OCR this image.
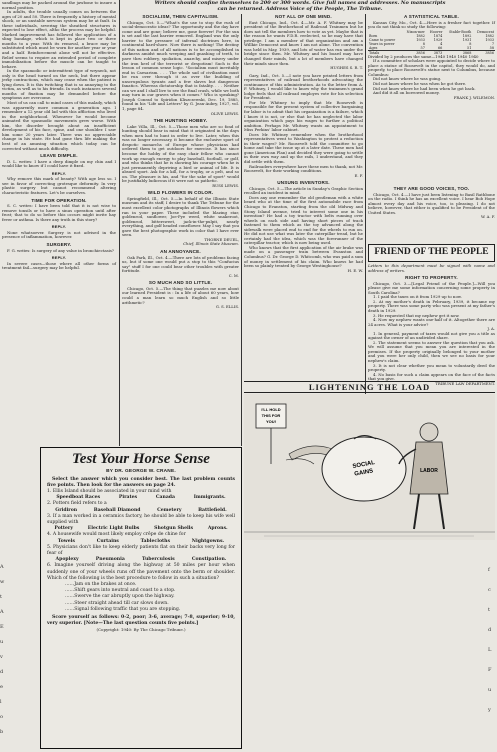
Writers should confine themselves to 200 or 300 words. Give full names and addresses. No manuscripts can be returned. Address Voice of the People, The Tribune.

sandbags may be packed around the jawbone to insure a normal position.

In adults, the trouble usually comes on between the ages of 20 and 50. There is frequently a history of mental shock, or an unstable nervous system may be at fault. In these individuals, severing the sheathed structures is expected to lose effect, altho the process may be helpful. Marked improvement has followed the application of a sling bandage, which is kept in place two or three months to a year. With its removal, a brace may be substituted which must be worn for another year or year and a half. Reinforcement alone will not be effective. Relief seems to require an extended period of complete immobilization before the muscle can be taught to behave.

In the spasmodic or intermittent type of wryneck, not only is the head turned on the neck, but there appear jerky contractions, which may cease when the patient is lying down. It is this twitching that is so annoying to the victim, as well as to his friends. In such instances several months of fixation may be demanded before the symptoms are overcome.

Most of us can call to mind cases of this malady, which was apparently more common a generation ago. I remember a 12 year old lad with this affliction who lived in the neighborhood. Whenever he would become animated the spasmodic movements grew worse. With him, the disorder brought about an insufficient development of his face, spine, and one shoulder. I saw him some 20 years later. There was no appreciable change in his state. He had gone thru life making the best of an amusing situation which today can be corrected without much difficulty.

LEAVE DIMPLE.

D. L. writes: I have a deep dimple on my chin and I would like to know if I could have it fixed.

REPLY.

Why remove this mark of beauty? With age less so. I see in favor of correcting grotesque deformity. In very plastic surgery but cannot recommend altering characteristic features. Let's be ourselves.

TIME FOR OPERATION.

S. C. writes: I have been told that it is not wise to remove tonsils or to have a sinus operation until after frost; that to do so before this occurs might invite hay fever or asthma. Is there any truth in this story?

REPLY.

None whatsoever. Surgery is not advised in the presence of inflammation, however.

SURGERY.

F. G. writes: Is surgery of any value in bronchiectasis?

REPLY.

In severe cases—those where all other forms of treatment fail—surgery may be helpful.

SOCIALISM, THEN CAPITALISM.

Chicago, Oct. 5.—"What's the use to stop the rush of social-democratic ideas? The opportunity and the day have come and are gone; believe me, gone forever! For the sun is set and the last barrier removed. England was the only barrier to the pressure of infernal doctrines here, in continental hard-shore. Now there is nothing! The destiny of this nation and of all nations is to be accomplished in darkness amidst much weeping and gnashing of teeth, to pave thru robbery, spoliation, anarchy, and misery under the iron heel of the terrorist or despotism! Such is the lesson of common sense logic. "Socialism must inevitably end in Caesarism. . . . The whole sad of civilization must be run over through it as over the building of unscrupulous tyrants and a few slaves but dangerous fanatics. Whereas dictatorship that is fatality. . . . Neither can we and I shall live to see the final crash, while we both may turn in our graves when it comes." Who is speaking? Joseph Conrad to Spiridon Kliszczewski, Dec. 19, 1885, found in his "Life and Letters" by G. Jean-Aubry, 1927, vol. 1, page 84.

OLIVE LEWIS.
THE HUNTING HOBBY.

Lake Villa, Ill., Oct. 5.—Those men who are so fond of hunting should bear in mind that it originated in the days when men had to hunt in order to live. Later, when this was no longer necessary, it became the exclusive sport of despotic monarchs of Europe whose physicians had ordered them to get outdoors for exercise. It has since become the hobby of the easy chair fellow who cannot work up enough energy to play baseball, football, or golf, and who thinks that he is showing his courage when he is just permanently depriving a bird or animal of life. It is absurd sport. Ask for a kill, for a trophy, or a pelt, and so on. The pleasure is his, and "for the sake of sport" would be justifiably ludicrous if it were not so pathetic.

RUSS LEWIS.
WILD FLOWERS IN COLOR.

Springfield, Ill., Oct. 5.—In behalf of the Illinois State museum and its staff, I desire to thank The Tribune for the most excellent color photographs of Illinois flowers which ran in your paper. These included the blazing star, goldenrod, sunflower, Joe-Pye weed, white snakeroot, goldenrod, bittersweet, jack-in-the-pulpit, nearly everything, and golf headed coneflower. May I say that you gave the best photographic work in color that I have ever seen.

THORNE DEUEL,
Chief, Illinois State Museum.
AN ANNOYANCE.

Oak Park, Ill., Oct. 4.—There are lots of problems facing us, but if some one would put a stop to this "Confucius say" stuff I for one could bear other troubles with greater fortitude.

C. M.
SO MUCH AND SO LITTLE.

Chicago, Oct. 5.—The thing that puzzles me now about our learned President is : In a life of about 60 years, how could a man learn so much English and so little arithmetic?

G. S. ELLIS.
NOT ALL OF ONE MIND.

East Chicago, Ind., Oct. 4.—Mr. A. F. Whitney may be president of the Brotherhood of Railroad Trainmen but he does not tell the members how to vote as yet. Maybe that is the reason he wants F.D.R. reelected, so he may have that privilege. I am a member of that organization and am a Willkie Democrat and know I am not alone. The convention was held in May, 1939, and lots of water has run under the bridge since then. Mr. Whitney and his board may have changed their minds, but a lot of members have changed their minds since then.

HUGHES S. R. T.

Gary, Ind., Oct. 5.—I note you have printed letters from representatives of railroad brotherhoods advocating the continuance of this administration. As to the letter from A. F. Whitney, I would like to know why the trainmen's grand lodge feels that all railroad employes vote for his selection for President.

For Mr. Whitney to imply that Mr. Roosevelt is responsible for the present system of collective bargaining for labor is to admit that his organization is a failure, which I know it is not, or else that he has neglected the labor organization which pays his wages to further a political ambition. Perhaps Mr. Whitney wants an appointment to Miss Perkins' labor cabinet.

Does Mr. Whitney remember when the brotherhood representatives went to Washington to protest a reduction in their wages? Mr. Roosevelt told the committee to go home and take the issue up at a later date. These men had gone (American Plan) and decided they were going to settle in their own way and up the rails, I understand, and they did settle with them.

Railroaders everywhere have these men to thank, not Mr. Roosevelt, for their working conditions.

E. F.
UNSUNG INVENTORS.

Chicago, Oct. 5.—The article in Sunday's Graphic Section recalled an incident in mind.

Does any one remember the old gentleman with a white beard who at the time of the first automobile race from Chicago to Evanston, starting from the old Midway and Stony Island avenue, tried to interest some one in his invention? He had a toy tractor with belts running over wheels on each side and having short pieces of track fastened to them which as the toy advanced along the sidewalk were placed end to end for the wheels to run on. He did not use what was later the caterpillar tread, but he certainly had the idea, which was the forerunner of the caterpillar tractor, which is now being used.

Who knows that the first application of the air brake was made on a passenger train between Evanston and Columbus? G. Dr. George D. Whitcomb, who was paid a sum of money in settlement of his claim. Who knows he had been so plainly treated by George Westinghouse?

H. E. W.
A STATISTICAL TABLE.

Kansas City, Mo., Oct. 4.—Here is a fresher fact together. If you do not think so study the following:

	Nixon-mer	Hoover	Stable-Booth	Democrat
Born	1882	1874	1892	1882
Came to power	1933	1929	1931	1933
Years in power	8	4	8	7
Ages	57	66	51	58
Totals	3856	3873	3868	3856

Divided by 2 produces the same—1940 1940 1940 1940

If a committee of scholars were appointed to decide where to place a statue of Roosevelt in the capitol, they would do, and properly, to place Roosevelt's statue next to Columbus, because Columbus:

Did not know where he was going.

Did not know where he was when he got there.

Did not know where he had been when he got back.

And did it all on borrowed money.

FRANK J. WILEMON.
THEY ARE GOOD VOICES, TOO.

Chicago, Oct. 4.—I have just been listening to Basil Rathbone on the radio. I think he has an excellent voice. I hear Bob Hope almost every day and his voice, too, is pleasing. I do not believe, however, that either is qualified to be President of the United States.

W. A. F.
FRIEND OF THE PEOPLE

Letters to this department must be signed with name and address of writers.

RIGHT TO PROPERTY.

Chicago, Oct. 3.—[Legal Friend of the People.]—Will you please give me some information concerning some property in South Carolina?

1. I paid the taxes on it from 1929 up to now.

2. At my mother's death in February, 1939, it became my property. There was some party who was present at my father's death in 1929.

3. He requested that my nephew get it now.

4. Now my nephew wants one-half of it. Altogether there are 24 acres. What is your advice?

J. A.

1. In general, payment of taxes would not give you a title as against the owner of an undivided share.

2. The statement seems to answer the question that you ask. We will assume that you mean you are interested in the premises. If the property originally belonged to your mother and you were her only child, then we see no basis for your nephew's claim.

3. It is not clear whether you mean to voluntarily deed the property.

4. No basis for such a claim appears on the face of the facts that you give.

TRIBUNE LAW DEPARTMENT.
LIGHTENING THE LOAD
I'LL HOLD
THIS FOR
YOU!
SOCIAL
GAINS	LABOR
Test Your Horse Sense
BY DR. GEORGE W. CRANE.

Select the answer which you consider best. The last problem counts five points. Then look for the answers on page 24.

1. Ellis Island should be associated in your mind with

Speedboat Races	Pirates	Canada	Immigrants.

2. Potters field refers to a

Gridiron	Baseball Diamond	Cemetery	Battlefield.

3. If a man worked in a ceramics factory, he should be able to keep his wife well supplied with

Pottery	Electric Light Bulbs	Shotgun Shells	Aprons.

4. A housewife would most likely employ crêpe de chine for

Towels	Curtains	Tablecloths	Nightgowns.

5. Physicians don't like to keep elderly patients flat on their backs very long for fear of

Apoplexy	Pneumonia	Tuberculosis	Constipation.

6. Imagine yourself driving along the highway at 50 miles per hour when suddenly one of your wheels runs off the pavement onto the berm or shoulder. Which of the following is the best procedure to follow in such a situation?

……Jam on the brakes at once.
……Shift gears into neutral and coast to a stop.
……Swerve the car abruptly upon the highway.
……Steer straight ahead till car slows down.
……Signal following traffic that you are stopping.

Score yourself as follows: 0-2, poor; 3-6, average; 7-8, superior; 9-10, very superior. [Note—The last question counts five points.]

(Copyright: 1940: By The Chicago Tribune.)
A
w
t
A
E
u
v
d
e
l
o
b
f
c
t
d
L
F
u
y
